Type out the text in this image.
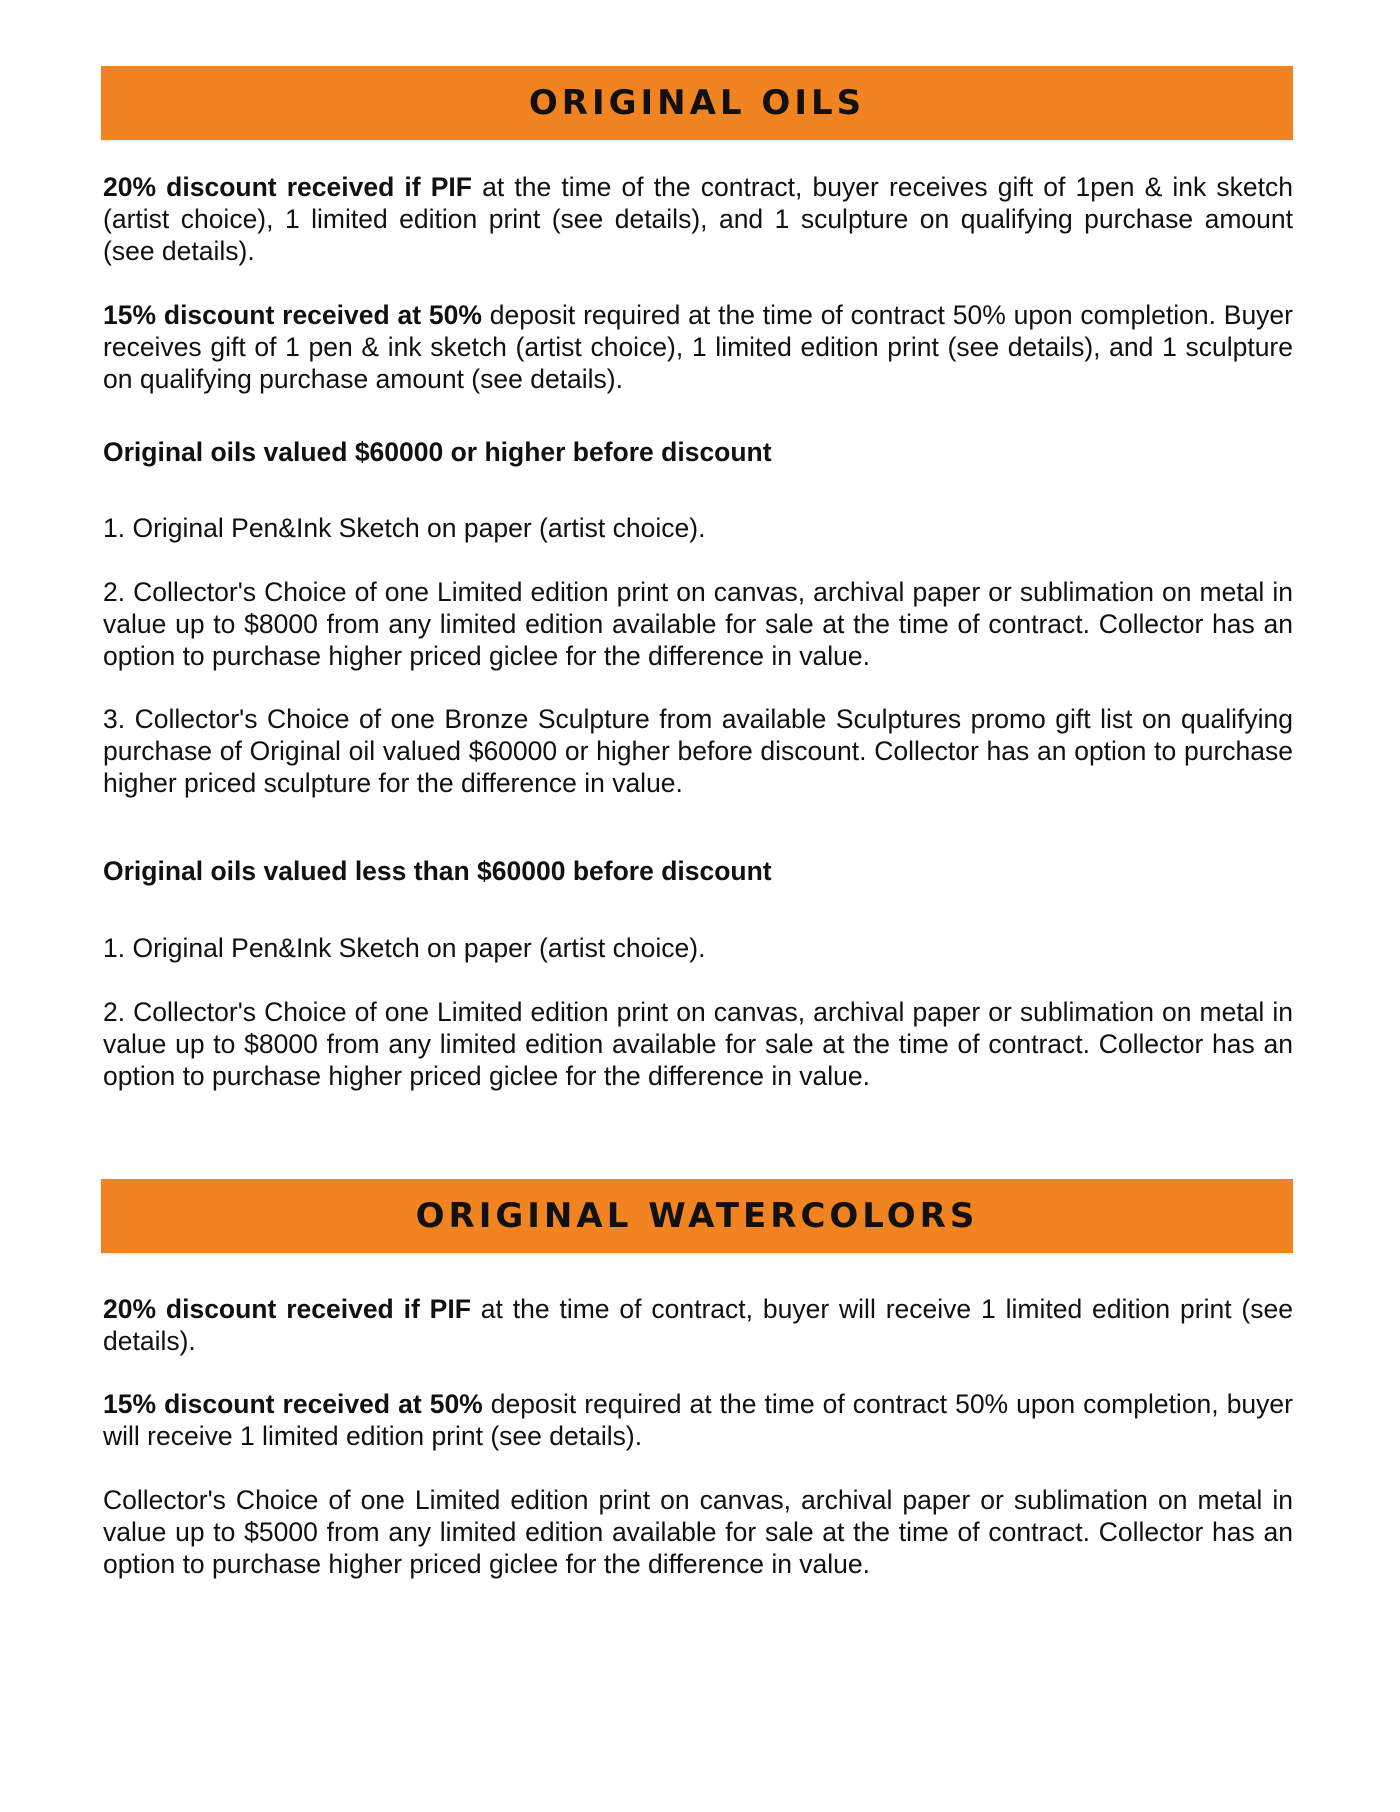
ORIGINAL OILS

20% discount received if PIF at the time of the contract, buyer receives gift of 1pen & ink sketch (artist choice), 1 limited edition print (see details), and 1 sculpture on qualifying purchase amount (see details).

15% discount received at 50% deposit required at the time of contract 50% upon completion. Buyer receives gift of 1 pen & ink sketch (artist choice), 1 limited edition print (see details), and 1 sculpture on qualifying purchase amount (see details).

Original oils valued $60000 or higher before discount

1. Original Pen&Ink Sketch on paper (artist choice).

2. Collector's Choice of one Limited edition print on canvas, archival paper or sublimation on metal in value up to $8000 from any limited edition available for sale at the time of contract. Collector has an option to purchase higher priced giclee for the difference in value.

3. Collector's Choice of one Bronze Sculpture from available Sculptures promo gift list on qualifying purchase of Original oil valued $60000 or higher before discount. Collector has an option to purchase higher priced sculpture for the difference in value.

Original oils valued less than $60000 before discount

1. Original Pen&Ink Sketch on paper (artist choice).

2. Collector's Choice of one Limited edition print on canvas, archival paper or sublimation on metal in value up to $8000 from any limited edition available for sale at the time of contract. Collector has an option to purchase higher priced giclee for the difference in value.

ORIGINAL WATERCOLORS

20% discount received if PIF at the time of contract, buyer will receive 1 limited edition print (see details).

15% discount received at 50% deposit required at the time of contract 50% upon completion, buyer will receive 1 limited edition print (see details).

Collector's Choice of one Limited edition print on canvas, archival paper or sublimation on metal in value up to $5000 from any limited edition available for sale at the time of contract. Collector has an option to purchase higher priced giclee for the difference in value.
